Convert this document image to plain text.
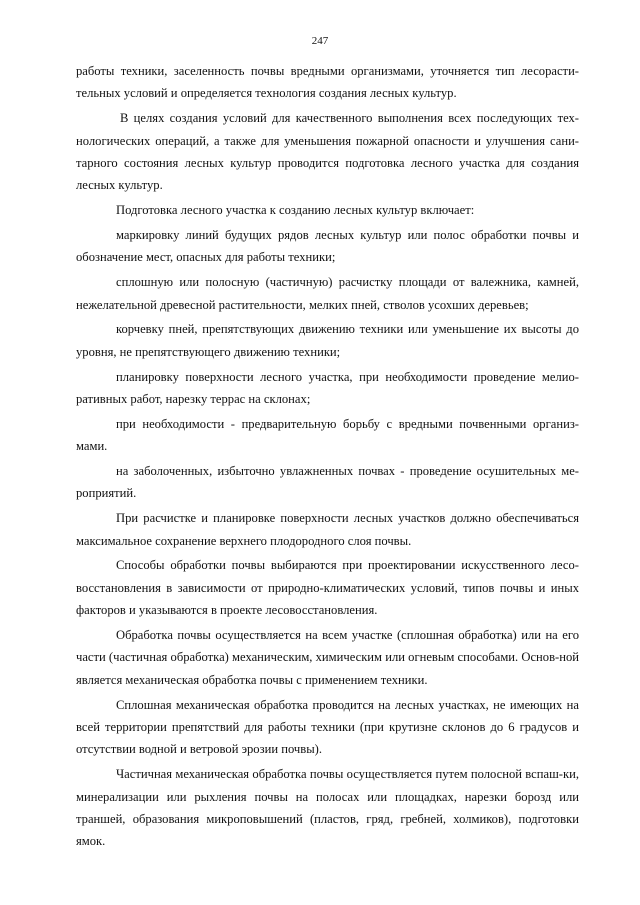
247

работы техники, заселенность почвы вредными организмами, уточняется тип лесорасти-тельных условий и определяется технология создания лесных культур.

В целях создания условий для качественного выполнения всех последующих тех-нологических операций, а также для уменьшения пожарной опасности и улучшения сани-тарного состояния лесных культур проводится подготовка лесного участка для создания лесных культур.

Подготовка лесного участка к созданию лесных культур включает:

маркировку линий будущих рядов лесных культур или полос обработки почвы и обозначение мест, опасных для работы техники;

сплошную или полосную (частичную) расчистку площади от валежника, камней, нежелательной древесной растительности, мелких пней, стволов усохших деревьев;

корчевку пней, препятствующих движению техники или уменьшение их высоты до уровня, не препятствующего движению техники;

планировку поверхности лесного участка, при необходимости проведение мелио-ративных работ, нарезку террас на склонах;

при необходимости - предварительную борьбу с вредными почвенными организ-мами.

на заболоченных, избыточно увлажненных почвах - проведение осушительных ме-роприятий.

При расчистке и планировке поверхности лесных участков должно обеспечиваться максимальное сохранение верхнего плодородного слоя почвы.

Способы обработки почвы выбираются при проектировании искусственного лесо-восстановления в зависимости от природно-климатических условий, типов почвы и иных факторов и указываются в проекте лесовосстановления.

Обработка почвы осуществляется на всем участке (сплошная обработка) или на его части (частичная обработка) механическим, химическим или огневым способами. Основ-ной является механическая обработка почвы с применением техники.

Сплошная механическая обработка проводится на лесных участках, не имеющих на всей территории препятствий для работы техники (при крутизне склонов до 6 градусов и отсутствии водной и ветровой эрозии почвы).

Частичная механическая обработка почвы осуществляется путем полосной вспаш-ки, минерализации или рыхления почвы на полосах или площадках, нарезки борозд или траншей, образования микроповышений (пластов, гряд, гребней, холмиков), подготовки ямок.
